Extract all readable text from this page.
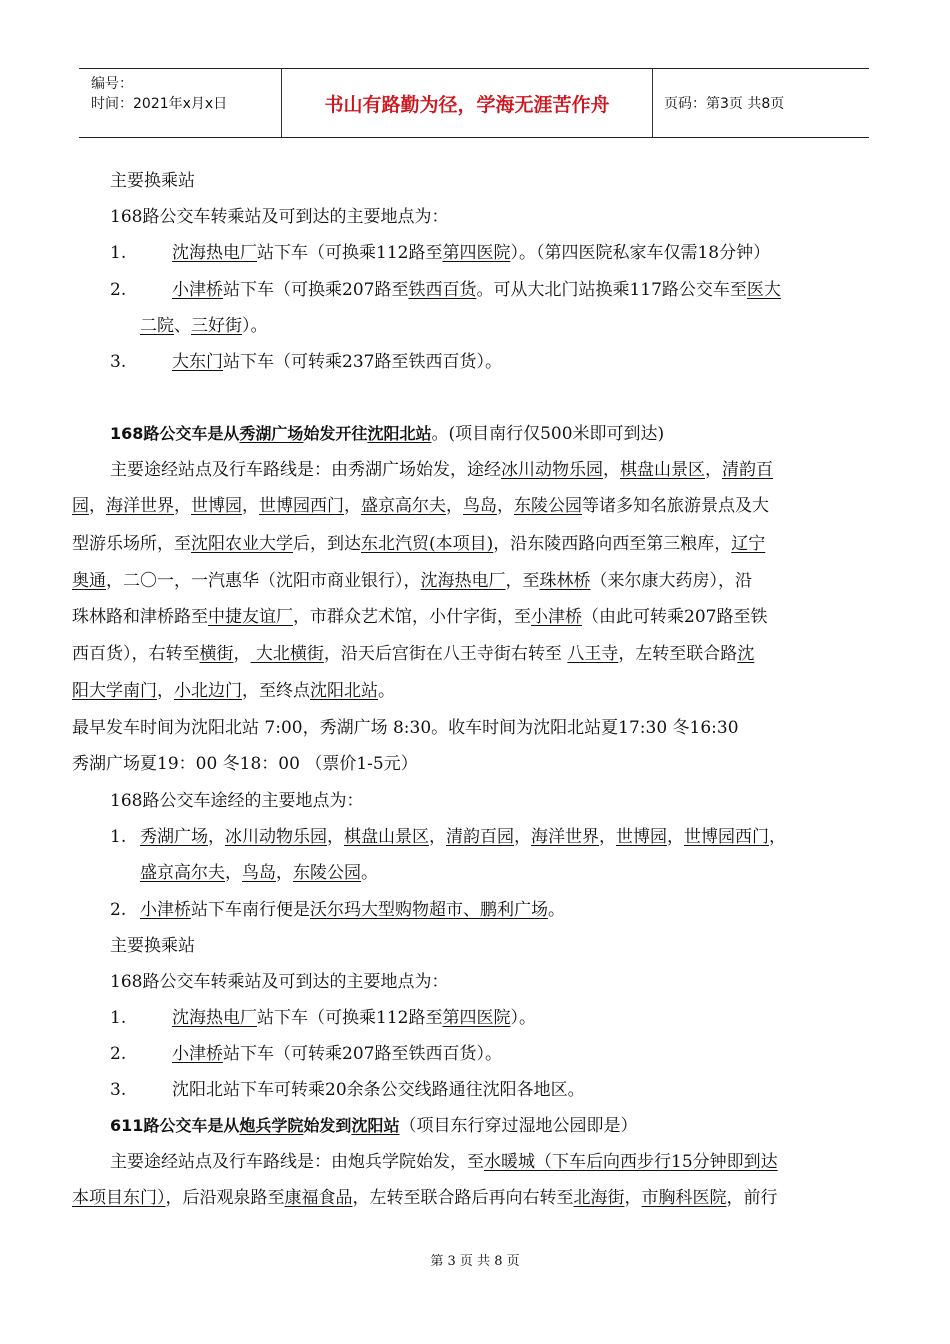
编号：
时间：2021年x月x日	书山有路勤为径，学海无涯苦作舟	页码：第3页 共8页
主要换乘站
168路公交车转乘站及可到达的主要地点为：
1.	沈海热电厂站下车（可换乘112路至第四医院）。（第四医院私家车仅需18分钟）
2.	小津桥站下车（可换乘207路至铁西百货。可从大北门站换乘117路公交车至医大
二院、三好街）。
3.	大东门站下车（可转乘237路至铁西百货）。
168路公交车是从秀湖广场始发开往沈阳北站。(项目南行仅500米即可到达)
主要途经站点及行车路线是：由秀湖广场始发，途经冰川动物乐园，棋盘山景区，清韵百
园，海洋世界，世博园，世博园西门，盛京高尔夫，鸟岛，东陵公园等诸多知名旅游景点及大
型游乐场所，至沈阳农业大学后，到达东北汽贸(本项目)，沿东陵西路向西至第三粮库，辽宁
奥通，二〇一，一汽惠华（沈阳市商业银行），沈海热电厂，至珠林桥（来尔康大药房），沿
珠林路和津桥路至中捷友谊厂，市群众艺术馆，小什字街，至小津桥（由此可转乘207路至铁
西百货），右转至横街， 大北横街，沿天后宫街在八王寺街右转至 八王寺，左转至联合路沈
阳大学南门，小北边门，至终点沈阳北站。
最早发车时间为沈阳北站 7:00，秀湖广场 8:30。收车时间为沈阳北站夏17:30 冬16:30
秀湖广场夏19：00 冬18：00 （票价1-5元）
168路公交车途经的主要地点为：
1. 秀湖广场，冰川动物乐园，棋盘山景区，清韵百园，海洋世界，世博园，世博园西门，
盛京高尔夫，鸟岛，东陵公园。
2. 小津桥站下车南行便是沃尔玛大型购物超市、鹏利广场。
主要换乘站
168路公交车转乘站及可到达的主要地点为：
1.	沈海热电厂站下车（可换乘112路至第四医院）。
2.	小津桥站下车（可转乘207路至铁西百货）。
3.	沈阳北站下车可转乘20余条公交线路通往沈阳各地区。
611路公交车是从炮兵学院始发到沈阳站（项目东行穿过湿地公园即是）
主要途经站点及行车路线是：由炮兵学院始发，至水暖城（下车后向西步行15分钟即到达
本项目东门），后沿观泉路至康福食品，左转至联合路后再向右转至北海街，市胸科医院，前行
第 3 页 共 8 页
